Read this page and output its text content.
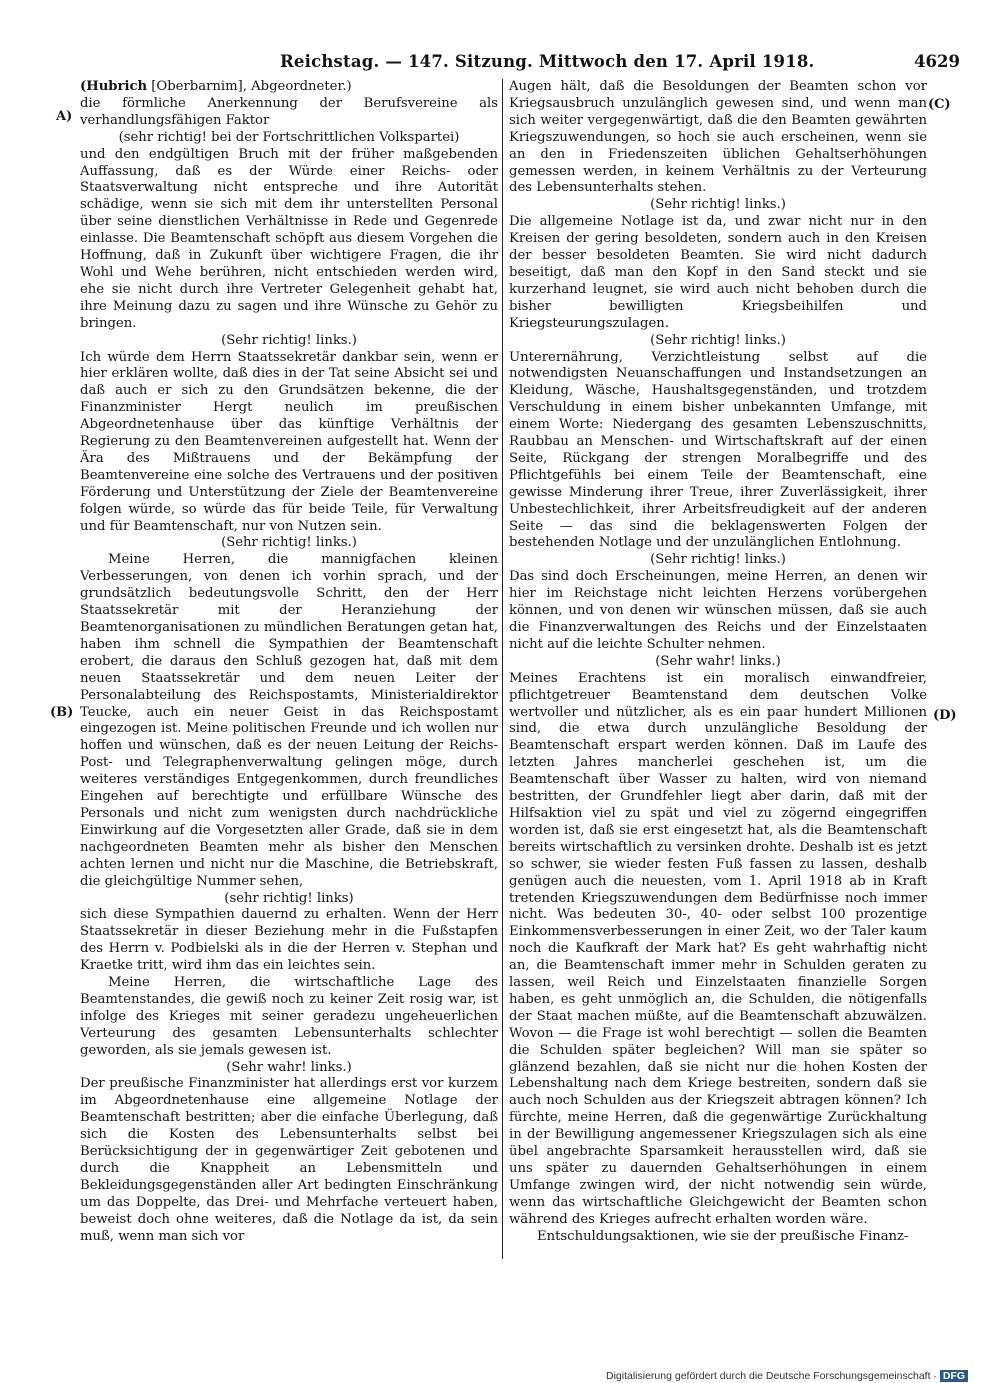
Reichstag. — 147. Sitzung. Mittwoch den 17. April 1918.	4629
A)
(B)
(C)
(D)

(Hubrich [Oberbarnim], Abgeordneter.)

die förmliche Anerkennung der Berufsvereine als verhandlungsfähigen Faktor

(sehr richtig! bei der Fortschrittlichen Volkspartei)

und den endgültigen Bruch mit der früher maßgebenden Auffassung, daß es der Würde einer Reichs- oder Staatsverwaltung nicht entspreche und ihre Autorität schädige, wenn sie sich mit dem ihr unterstellten Personal über seine dienstlichen Verhältnisse in Rede und Gegenrede einlasse. Die Beamtenschaft schöpft aus diesem Vorgehen die Hoffnung, daß in Zukunft über wichtigere Fragen, die ihr Wohl und Wehe berühren, nicht entschieden werden wird, ehe sie nicht durch ihre Vertreter Gelegenheit gehabt hat, ihre Meinung dazu zu sagen und ihre Wünsche zu Gehör zu bringen.

(Sehr richtig! links.)

Ich würde dem Herrn Staatssekretär dankbar sein, wenn er hier erklären wollte, daß dies in der Tat seine Absicht sei und daß auch er sich zu den Grundsätzen bekenne, die der Finanzminister Hergt neulich im preußischen Abgeordnetenhause über das künftige Verhältnis der Regierung zu den Beamtenvereinen aufgestellt hat. Wenn der Ära des Mißtrauens und der Bekämpfung der Beamtenvereine eine solche des Vertrauens und der positiven Förderung und Unterstützung der Ziele der Beamtenvereine folgen würde, so würde das für beide Teile, für Verwaltung und für Beamtenschaft, nur von Nutzen sein.

(Sehr richtig! links.)

Meine Herren, die mannigfachen kleinen Verbesserungen, von denen ich vorhin sprach, und der grundsätzlich bedeutungsvolle Schritt, den der Herr Staatssekretär mit der Heranziehung der Beamtenorganisationen zu mündlichen Beratungen getan hat, haben ihm schnell die Sympathien der Beamtenschaft erobert, die daraus den Schluß gezogen hat, daß mit dem neuen Staatssekretär und dem neuen Leiter der Personalabteilung des Reichspostamts, Ministerialdirektor Teucke, auch ein neuer Geist in das Reichspostamt eingezogen ist. Meine politischen Freunde und ich wollen nur hoffen und wünschen, daß es der neuen Leitung der Reichs-Post- und Telegraphenverwaltung gelingen möge, durch weiteres verständiges Entgegenkommen, durch freundliches Eingehen auf berechtigte und erfüllbare Wünsche des Personals und nicht zum wenigsten durch nachdrückliche Einwirkung auf die Vorgesetzten aller Grade, daß sie in dem nachgeordneten Beamten mehr als bisher den Menschen achten lernen und nicht nur die Maschine, die Betriebskraft, die gleichgültige Nummer sehen,

(sehr richtig! links)

sich diese Sympathien dauernd zu erhalten. Wenn der Herr Staatssekretär in dieser Beziehung mehr in die Fußstapfen des Herrn v. Podbielski als in die der Herren v. Stephan und Kraetke tritt, wird ihm das ein leichtes sein.

Meine Herren, die wirtschaftliche Lage des Beamtenstandes, die gewiß noch zu keiner Zeit rosig war, ist infolge des Krieges mit seiner geradezu ungeheuerlichen Verteurung des gesamten Lebensunterhalts schlechter geworden, als sie jemals gewesen ist.

(Sehr wahr! links.)

Der preußische Finanzminister hat allerdings erst vor kurzem im Abgeordnetenhause eine allgemeine Notlage der Beamtenschaft bestritten; aber die einfache Überlegung, daß sich die Kosten des Lebensunterhalts selbst bei Berücksichtigung der in gegenwärtiger Zeit gebotenen und durch die Knappheit an Lebensmitteln und Bekleidungsgegenständen aller Art bedingten Einschränkung um das Doppelte, das Drei- und Mehrfache verteuert haben, beweist doch ohne weiteres, daß die Notlage da ist, da sein muß, wenn man sich vor

Augen hält, daß die Besoldungen der Beamten schon vor Kriegsausbruch unzulänglich gewesen sind, und wenn man sich weiter vergegenwärtigt, daß die den Beamten gewährten Kriegszuwendungen, so hoch sie auch erscheinen, wenn sie an den in Friedenszeiten üblichen Gehaltserhöhungen gemessen werden, in keinem Verhältnis zu der Verteurung des Lebensunterhalts stehen.

(Sehr richtig! links.)

Die allgemeine Notlage ist da, und zwar nicht nur in den Kreisen der gering besoldeten, sondern auch in den Kreisen der besser besoldeten Beamten. Sie wird nicht dadurch beseitigt, daß man den Kopf in den Sand steckt und sie kurzerhand leugnet, sie wird auch nicht behoben durch die bisher bewilligten Kriegsbeihilfen und Kriegsteurungszulagen.

(Sehr richtig! links.)

Unterernährung, Verzichtleistung selbst auf die notwendigsten Neuanschaffungen und Instandsetzungen an Kleidung, Wäsche, Haushaltsgegenständen, und trotzdem Verschuldung in einem bisher unbekannten Umfange, mit einem Worte: Niedergang des gesamten Lebenszuschnitts, Raubbau an Menschen- und Wirtschaftskraft auf der einen Seite, Rückgang der strengen Moralbegriffe und des Pflichtgefühls bei einem Teile der Beamtenschaft, eine gewisse Minderung ihrer Treue, ihrer Zuverlässigkeit, ihrer Unbestechlichkeit, ihrer Arbeitsfreudigkeit auf der anderen Seite — das sind die beklagenswerten Folgen der bestehenden Notlage und der unzulänglichen Entlohnung.

(Sehr richtig! links.)

Das sind doch Erscheinungen, meine Herren, an denen wir hier im Reichstage nicht leichten Herzens vorübergehen können, und von denen wir wünschen müssen, daß sie auch die Finanzverwaltungen des Reichs und der Einzelstaaten nicht auf die leichte Schulter nehmen.

(Sehr wahr! links.)

Meines Erachtens ist ein moralisch einwandfreier, pflichtgetreuer Beamtenstand dem deutschen Volke wertvoller und nützlicher, als es ein paar hundert Millionen sind, die etwa durch unzulängliche Besoldung der Beamtenschaft erspart werden können. Daß im Laufe des letzten Jahres mancherlei geschehen ist, um die Beamtenschaft über Wasser zu halten, wird von niemand bestritten, der Grundfehler liegt aber darin, daß mit der Hilfsaktion viel zu spät und viel zu zögernd eingegriffen worden ist, daß sie erst eingesetzt hat, als die Beamtenschaft bereits wirtschaftlich zu versinken drohte. Deshalb ist es jetzt so schwer, sie wieder festen Fuß fassen zu lassen, deshalb genügen auch die neuesten, vom 1. April 1918 ab in Kraft tretenden Kriegszuwendungen dem Bedürfnisse noch immer nicht. Was bedeuten 30-, 40- oder selbst 100 prozentige Einkommensverbesserungen in einer Zeit, wo der Taler kaum noch die Kaufkraft der Mark hat? Es geht wahrhaftig nicht an, die Beamtenschaft immer mehr in Schulden geraten zu lassen, weil Reich und Einzelstaaten finanzielle Sorgen haben, es geht unmöglich an, die Schulden, die nötigenfalls der Staat machen müßte, auf die Beamtenschaft abzuwälzen. Wovon — die Frage ist wohl berechtigt — sollen die Beamten die Schulden später begleichen? Will man sie später so glänzend bezahlen, daß sie nicht nur die hohen Kosten der Lebenshaltung nach dem Kriege bestreiten, sondern daß sie auch noch Schulden aus der Kriegszeit abtragen können? Ich fürchte, meine Herren, daß die gegenwärtige Zurückhaltung in der Bewilligung angemessener Kriegszulagen sich als eine übel angebrachte Sparsamkeit herausstellen wird, daß sie uns später zu dauernden Gehaltserhöhungen in einem Umfange zwingen wird, der nicht notwendig sein würde, wenn das wirtschaftliche Gleichgewicht der Beamten schon während des Krieges aufrecht erhalten worden wäre.

Entschuldungsaktionen, wie sie der preußische Finanz-

Digitalisierung gefördert durch die Deutsche Forschungsgemeinschaft · DFG
